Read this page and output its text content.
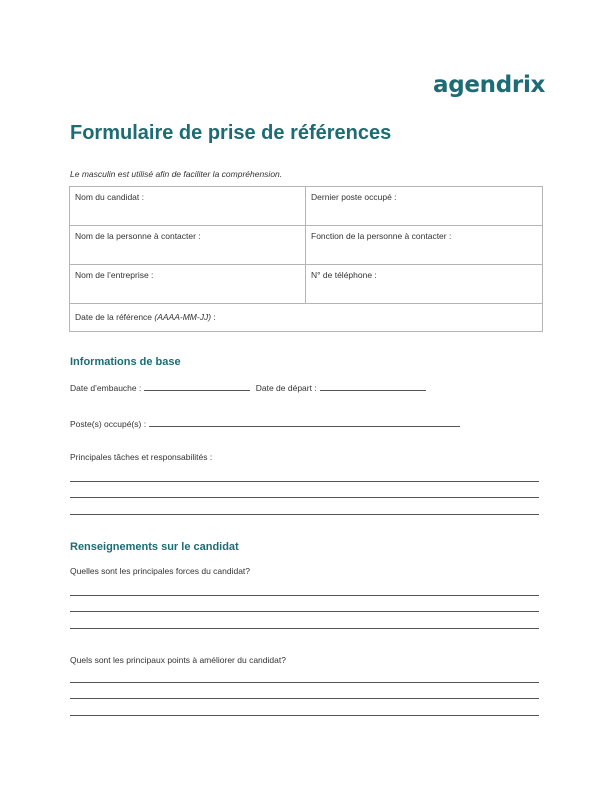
agendrix

Formulaire de prise de références

Le masculin est utilisé afin de faciliter la compréhension.

Nom du candidat :	Dernier poste occupé :
Nom de la personne à contacter :	Fonction de la personne à contacter :
Nom de l’entreprise :	N° de téléphone :
Date de la référence (AAAA-MM-JJ) :	
Informations de base

Date d’embauche :	Date de départ :

Poste(s) occupé(s) :

Principales tâches et responsabilités :

Renseignements sur le candidat

Quelles sont les principales forces du candidat?

Quels sont les principaux points à améliorer du candidat?
